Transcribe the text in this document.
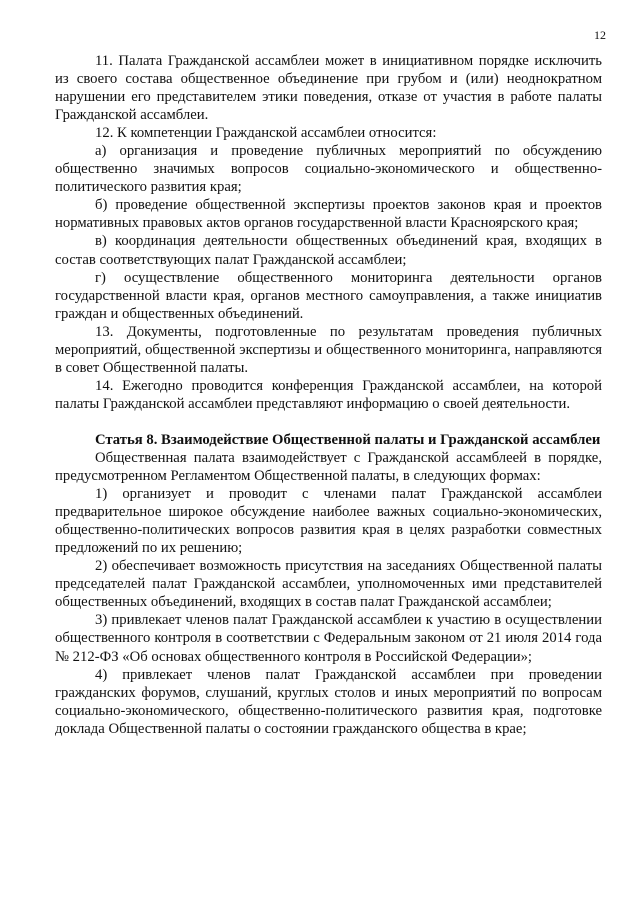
12

11. Палата Гражданской ассамблеи может в инициативном порядке исключить из своего состава общественное объединение при грубом и (или) неоднократном нарушении его представителем этики поведения, отказе от участия в работе палаты Гражданской ассамблеи.

12. К компетенции Гражданской ассамблеи относится:

а) организация и проведение публичных мероприятий по обсуждению общественно значимых вопросов социально-экономического и общественно-политического развития края;

б) проведение общественной экспертизы проектов законов края и проектов нормативных правовых актов органов государственной власти Красноярского края;

в) координация деятельности общественных объединений края, входящих в состав соответствующих палат Гражданской ассамблеи;

г) осуществление общественного мониторинга деятельности органов государственной власти края, органов местного самоуправления, а также инициатив граждан и общественных объединений.

13. Документы, подготовленные по результатам проведения публичных мероприятий, общественной экспертизы и общественного мониторинга, направляются в совет Общественной палаты.

14. Ежегодно проводится конференция Гражданской ассамблеи, на которой палаты Гражданской ассамблеи представляют информацию о своей деятельности.

Статья 8. Взаимодействие Общественной палаты и Гражданской ассамблеи

Общественная палата взаимодействует с Гражданской ассамблеей в порядке, предусмотренном Регламентом Общественной палаты, в следующих формах:

1) организует и проводит с членами палат Гражданской ассамблеи предварительное широкое обсуждение наиболее важных социально-экономических, общественно-политических вопросов развития края в целях разработки совместных предложений по их решению;

2) обеспечивает возможность присутствия на заседаниях Общественной палаты председателей палат Гражданской ассамблеи, уполномоченных ими представителей общественных объединений, входящих в состав палат Гражданской ассамблеи;

3) привлекает членов палат Гражданской ассамблеи к участию в осуществлении общественного контроля в соответствии с Федеральным законом от 21 июля 2014 года № 212-ФЗ «Об основах общественного контроля в Российской Федерации»;

4) привлекает членов палат Гражданской ассамблеи при проведении гражданских форумов, слушаний, круглых столов и иных мероприятий по вопросам социально-экономического, общественно-политического развития края, подготовке доклада Общественной палаты о состоянии гражданского общества в крае;
